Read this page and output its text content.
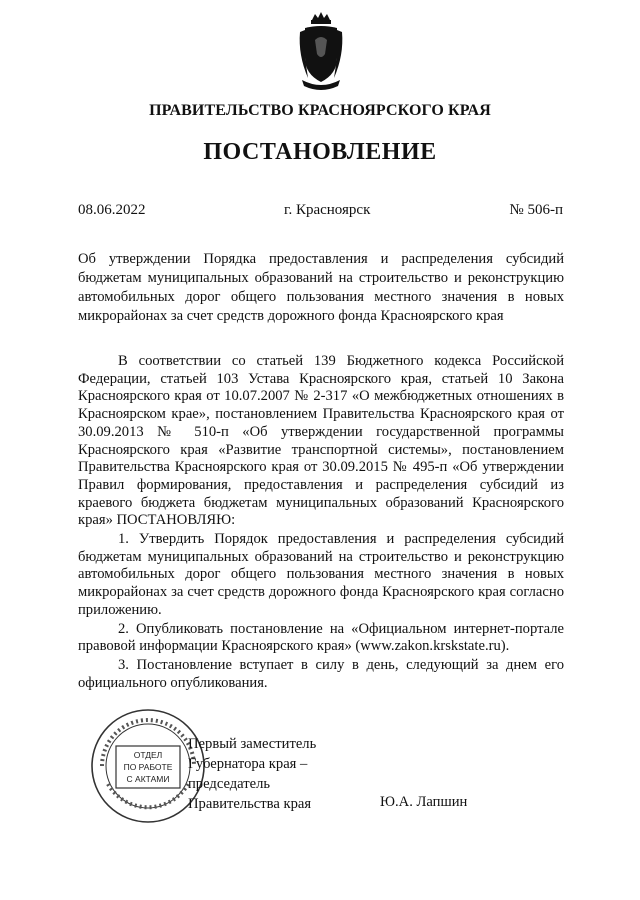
ПРАВИТЕЛЬСТВО КРАСНОЯРСКОГО КРАЯ
ПОСТАНОВЛЕНИЕ
08.06.2022	г. Красноярск	№ 506-п
Об утверждении Порядка предоставления и распределения субсидий бюджетам муниципальных образований на строительство и реконструкцию автомобильных дорог общего пользования местного значения в новых микрорайонах за счет средств дорожного фонда Красноярского края

В соответствии со статьей 139 Бюджетного кодекса Российской Федерации, статьей 103 Устава Красноярского края, статьей 10 Закона Красноярского края от 10.07.2007 № 2-317 «О межбюджетных отношениях в Красноярском крае», постановлением Правительства Красноярского края от 30.09.2013 № 510-п «Об утверждении государственной программы Красноярского края «Развитие транспортной системы», постановлением Правительства Красноярского края от 30.09.2015 № 495-п «Об утверждении Правил формирования, предоставления и распределения субсидий из краевого бюджета бюджетам муниципальных образований Красноярского края» ПОСТАНОВЛЯЮ:

1. Утвердить Порядок предоставления и распределения субсидий бюджетам муниципальных образований на строительство и реконструкцию автомобильных дорог общего пользования местного значения в новых микрорайонах за счет средств дорожного фонда Красноярского края согласно приложению.

2. Опубликовать постановление на «Официальном интернет-портале правовой информации Красноярского края» (www.zakon.krskstate.ru).

3. Постановление вступает в силу в день, следующий за днем его официального опубликования.

ОТДЕЛ
ПО РАБОТЕ
С АКТАМИ
Первый заместитель
Губернатора края –
председатель
Правительства края	Ю.А. Лапшин
